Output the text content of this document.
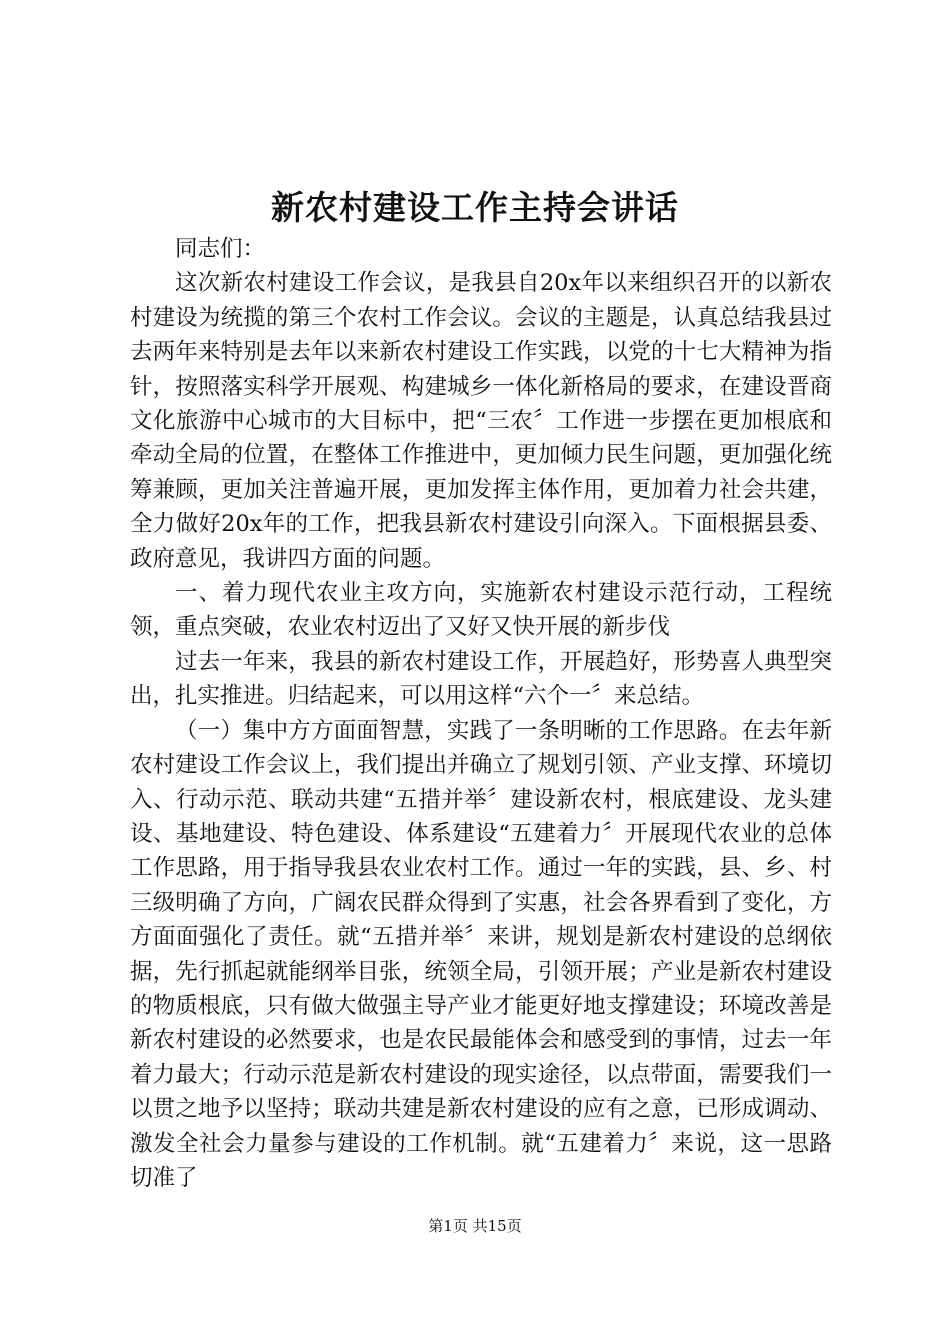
新农村建设工作主持会讲话

同志们：

这次新农村建设工作会议，是我县自20x年以来组织召开的以新农村建设为统揽的第三个农村工作会议。会议的主题是，认真总结我县过去两年来特别是去年以来新农村建设工作实践，以党的十七大精神为指针，按照落实科学开展观、构建城乡一体化新格局的要求，在建设晋商文化旅游中心城市的大目标中，把“三农〞工作进一步摆在更加根底和牵动全局的位置，在整体工作推进中，更加倾力民生问题，更加强化统筹兼顾，更加关注普遍开展，更加发挥主体作用，更加着力社会共建，全力做好20x年的工作，把我县新农村建设引向深入。下面根据县委、政府意见，我讲四方面的问题。

一、着力现代农业主攻方向，实施新农村建设示范行动，工程统领，重点突破，农业农村迈出了又好又快开展的新步伐

过去一年来，我县的新农村建设工作，开展趋好，形势喜人典型突出，扎实推进。归结起来，可以用这样“六个一〞来总结。

（一）集中方方面面智慧，实践了一条明晰的工作思路。在去年新农村建设工作会议上，我们提出并确立了规划引领、产业支撑、环境切入、行动示范、联动共建“五措并举〞建设新农村，根底建设、龙头建设、基地建设、特色建设、体系建设“五建着力〞开展现代农业的总体工作思路，用于指导我县农业农村工作。通过一年的实践，县、乡、村三级明确了方向，广阔农民群众得到了实惠，社会各界看到了变化，方方面面强化了责任。就“五措并举〞来讲，规划是新农村建设的总纲依据，先行抓起就能纲举目张，统领全局，引领开展；产业是新农村建设的物质根底，只有做大做强主导产业才能更好地支撑建设；环境改善是新农村建设的必然要求，也是农民最能体会和感受到的事情，过去一年着力最大；行动示范是新农村建设的现实途径，以点带面，需要我们一以贯之地予以坚持；联动共建是新农村建设的应有之意，已形成调动、激发全社会力量参与建设的工作机制。就“五建着力〞来说，这一思路切准了

第1页 共15页
